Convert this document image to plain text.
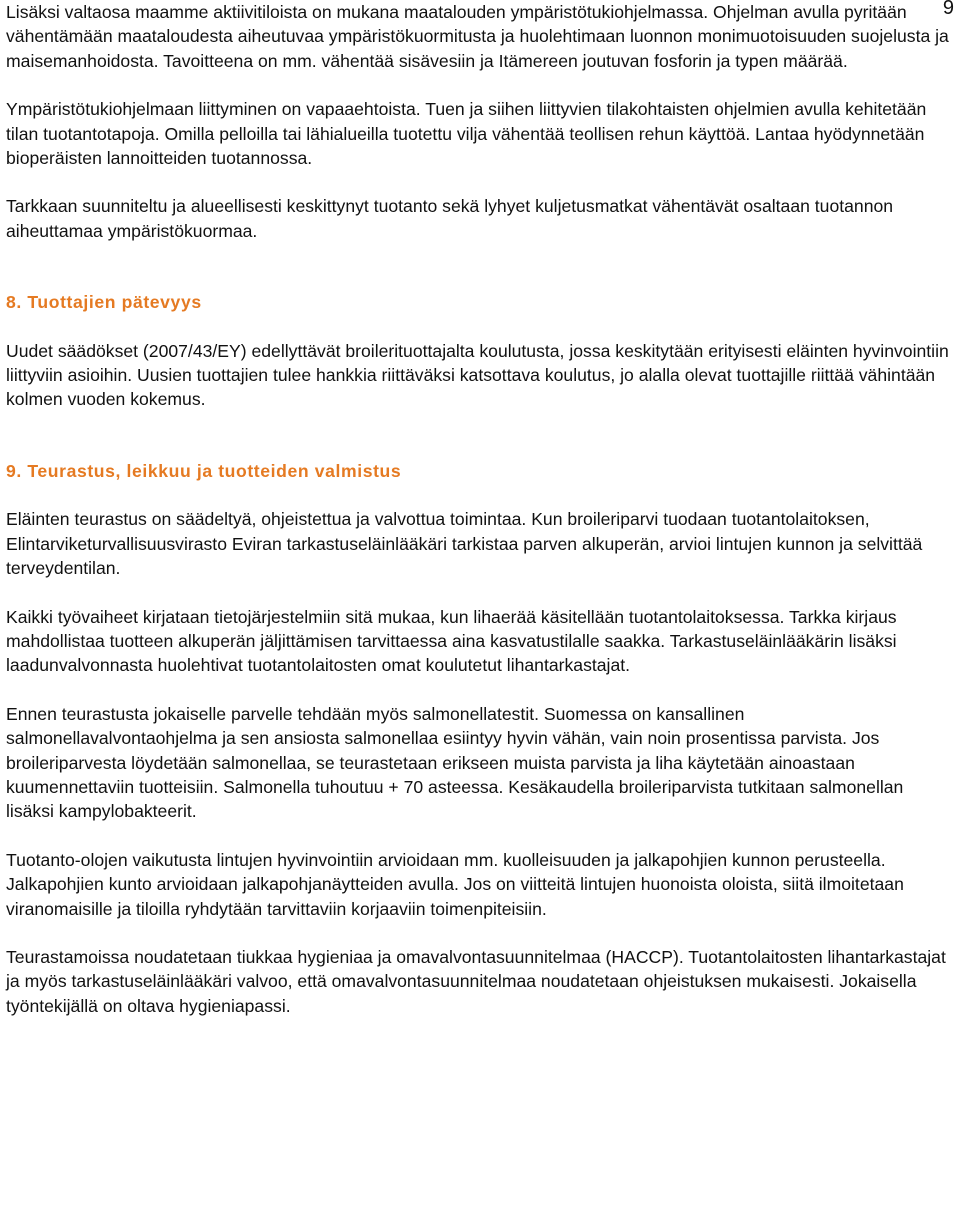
9

Lisäksi valtaosa maamme aktiivitiloista on mukana maatalouden ympäristötukiohjelmassa. Ohjelman avulla pyritään vähentämään maataloudesta aiheutuvaa ympäristökuormitusta ja huolehtimaan luonnon monimuotoisuuden suojelusta ja maisemanhoidosta. Tavoitteena on mm. vähentää sisävesiin ja Itämereen joutuvan fosforin ja typen määrää.

Ympäristötukiohjelmaan liittyminen on vapaaehtoista. Tuen ja siihen liittyvien tilakohtaisten ohjelmien avulla kehitetään tilan tuotantotapoja. Omilla pelloilla tai lähialueilla tuotettu vilja vähentää teollisen rehun käyttöä. Lantaa hyödynnetään bioperäisten lannoitteiden tuotannossa.

Tarkkaan suunniteltu ja alueellisesti keskittynyt tuotanto sekä lyhyet kuljetusmatkat vähentävät osaltaan tuotannon aiheuttamaa ympäristökuormaa.

8. Tuottajien pätevyys

Uudet säädökset (2007/43/EY) edellyttävät broilerituottajalta koulutusta, jossa keskitytään erityisesti eläinten hyvinvointiin liittyviin asioihin. Uusien tuottajien tulee hankkia riittäväksi katsottava koulutus, jo alalla olevat tuottajille riittää vähintään kolmen vuoden kokemus.

9. Teurastus, leikkuu ja tuotteiden valmistus

Eläinten teurastus on säädeltyä, ohjeistettua ja valvottua toimintaa. Kun broileriparvi tuodaan tuotantolaitoksen, Elintarviketurvallisuusvirasto Eviran tarkastuseläinlääkäri tarkistaa parven alkuperän, arvioi lintujen kunnon ja selvittää terveydentilan.

Kaikki työvaiheet kirjataan tietojärjestelmiin sitä mukaa, kun lihaerää käsitellään tuotantolaitoksessa. Tarkka kirjaus mahdollistaa tuotteen alkuperän jäljittämisen tarvittaessa aina kasvatustilalle saakka. Tarkastuseläinlääkärin lisäksi laadunvalvonnasta huolehtivat tuotantolaitosten omat koulutetut lihantarkastajat.

Ennen teurastusta jokaiselle parvelle tehdään myös salmonellatestit. Suomessa on kansallinen salmonellavalvontaohjelma ja sen ansiosta salmonellaa esiintyy hyvin vähän, vain noin prosentissa parvista. Jos broileriparvesta löydetään salmonellaa, se teurastetaan erikseen muista parvista ja liha käytetään ainoastaan kuumennettaviin tuotteisiin. Salmonella tuhoutuu + 70 asteessa. Kesäkaudella broileriparvista tutkitaan salmonellan lisäksi kampylobakteerit.

Tuotanto-olojen vaikutusta lintujen hyvinvointiin arvioidaan mm. kuolleisuuden ja jalkapohjien kunnon perusteella. Jalkapohjien kunto arvioidaan jalkapohjanäytteiden avulla. Jos on viitteitä lintujen huonoista oloista, siitä ilmoitetaan viranomaisille ja tiloilla ryhdytään tarvittaviin korjaaviin toimenpiteisiin.

Teurastamoissa noudatetaan tiukkaa hygieniaa ja omavalvontasuunnitelmaa (HACCP). Tuotantolaitosten lihantarkastajat ja myös tarkastuseläinlääkäri valvoo, että omavalvontasuunnitelmaa noudatetaan ohjeistuksen mukaisesti. Jokaisella työntekijällä on oltava hygieniapassi.
